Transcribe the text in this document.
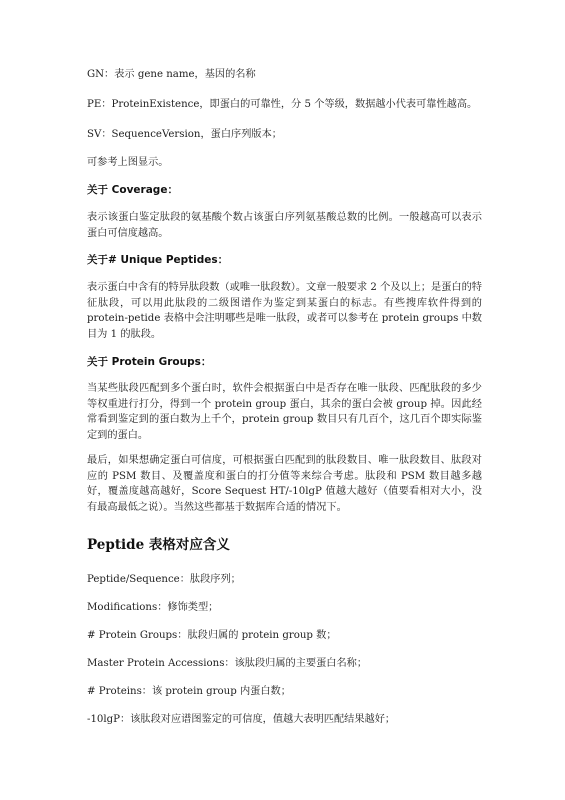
GN：表示 gene name，基因的名称
PE：ProteinExistence，即蛋白的可靠性，分 5 个等级，数据越小代表可靠性越高。
SV：SequenceVersion，蛋白序列版本；
可参考上图显示。
关于 Coverage：
表示该蛋白鉴定肽段的氨基酸个数占该蛋白序列氨基酸总数的比例。一般越高可以表示蛋白可信度越高。
关于# Unique Peptides：
表示蛋白中含有的特异肽段数（或唯一肽段数）。文章一般要求 2 个及以上；是蛋白的特征肽段，可以用此肽段的二级图谱作为鉴定到某蛋白的标志。有些搜库软件得到的 protein-petide 表格中会注明哪些是唯一肽段，或者可以参考在 protein groups 中数目为 1 的肽段。
关于 Protein Groups：
当某些肽段匹配到多个蛋白时，软件会根据蛋白中是否存在唯一肽段、匹配肽段的多少等权重进行打分，得到一个 protein group 蛋白，其余的蛋白会被 group 掉。因此经常看到鉴定到的蛋白数为上千个，protein group 数目只有几百个，这几百个即实际鉴定到的蛋白。
最后，如果想确定蛋白可信度，可根据蛋白匹配到的肽段数目、唯一肽段数目、肽段对应的 PSM 数目、及覆盖度和蛋白的打分值等来综合考虑。肽段和 PSM 数目越多越好，覆盖度越高越好，Score Sequest HT/-10lgP 值越大越好（值要看相对大小，没有最高最低之说）。当然这些都基于数据库合适的情况下。
Peptide 表格对应含义
Peptide/Sequence：肽段序列；
Modifications：修饰类型；
# Protein Groups：肽段归属的 protein group 数；
Master Protein Accessions：该肽段归属的主要蛋白名称；
# Proteins：该 protein group 内蛋白数；
-10lgP：该肽段对应谱图鉴定的可信度，值越大表明匹配结果越好；
